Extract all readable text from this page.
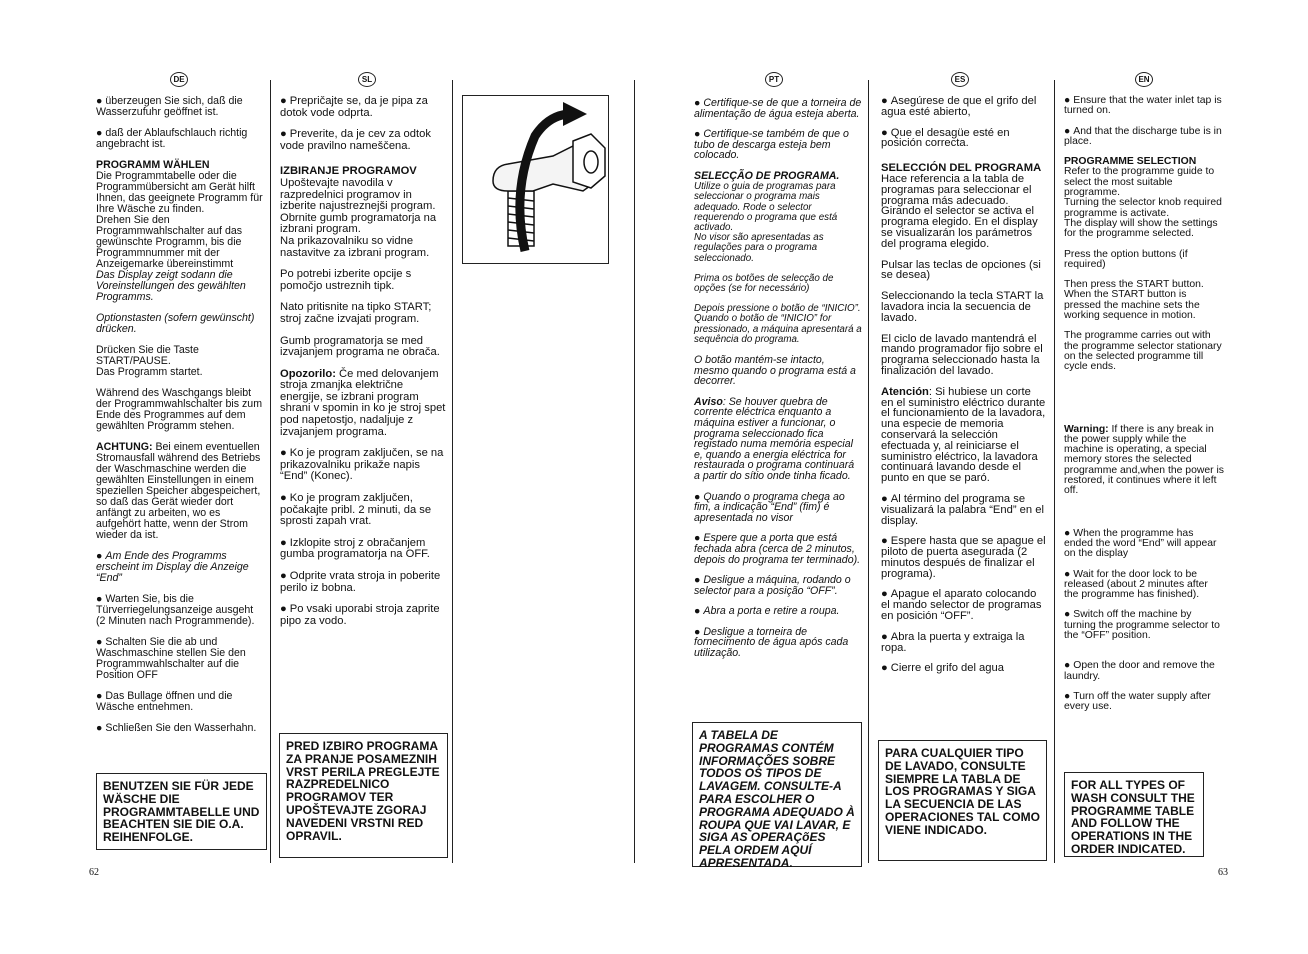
DE	SL	PT	ES	EN

● überzeugen Sie sich, daß die Wasserzufuhr geöffnet ist.

● daß der Ablaufschlauch richtig angebracht ist.

PROGRAMM WÄHLEN
Die Programmtabelle oder die Programmübersicht am Gerät hilft Ihnen, das geeignete Programm für Ihre Wäsche zu finden.
Drehen Sie den Programmwahlschalter auf das gewünschte Programm, bis die Programmnummer mit der Anzeigemarke übereinstimmt
Das Display zeigt sodann die Voreinstellungen des gewählten Programms.

Optionstasten (sofern gewünscht) drücken.

Drücken Sie die Taste START/PAUSE.
Das Programm startet.

Während des Waschgangs bleibt der Programmwahlschalter bis zum Ende des Programmes auf dem gewählten Programm stehen.

ACHTUNG: Bei einem eventuellen Stromausfall während des Betriebs der Waschmaschine werden die gewählten Einstellungen in einem speziellen Speicher abgespeichert, so daß das Gerät wieder dort anfängt zu arbeiten, wo es aufgehört hatte, wenn der Strom wieder da ist.

● Am Ende des Programms erscheint im Display die Anzeige “End”

● Warten Sie, bis die Türverriegelungsanzeige ausgeht (2 Minuten nach Programmende).

● Schalten Sie die ab und Waschmaschine stellen Sie den Programmwahlschalter auf die Position OFF

● Das Bullage öffnen und die Wäsche entnehmen.

● Schließen Sie den Wasserhahn.

BENUTZEN SIE FÜR JEDE WÄSCHE DIE PROGRAMMTABELLE UND BEACHTEN SIE DIE O.A. REIHENFOLGE.

● Prepričajte se, da je pipa za dotok vode odprta.

● Preverite, da je cev za odtok vode pravilno nameščena.

IZBIRANJE PROGRAMOV
Upoštevajte navodila v razpredelnici programov in izberite najustreznejši program. Obrnite gumb programatorja na izbrani program.
Na prikazovalniku so vidne nastavitve za izbrani program.

Po potrebi izberite opcije s pomočjo ustreznih tipk.

Nato pritisnite na tipko START; stroj začne izvajati program.

Gumb programatorja se med izvajanjem programa ne obrača.

Opozorilo: Če med delovanjem stroja zmanjka električne energije, se izbrani program shrani v spomin in ko je stroj spet pod napetostjo, nadaljuje z izvajanjem programa.

● Ko je program zaključen, se na prikazovalniku prikaže napis “End” (Konec).

● Ko je program zaključen, počakajte pribl. 2 minuti, da se sprosti zapah vrat.

● Izklopite stroj z obračanjem gumba programatorja na OFF.

● Odprite vrata stroja in poberite perilo iz bobna.

● Po vsaki uporabi stroja zaprite pipo za vodo.

PRED IZBIRO PROGRAMA ZA PRANJE POSAMEZNIH VRST PERILA PREGLEJTE RAZPREDELNICO PROGRAMOV TER UPOŠTEVAJTE ZGORAJ NAVEDENI VRSTNI RED OPRAVIL.

● Certifique-se de que a torneira de alimentação de água esteja aberta.

● Certifique-se também de que o tubo de descarga esteja bem colocado.

SELECÇÃO DE PROGRAMA.
Utilize o guia de programas para seleccionar o programa mais adequado. Rode o selector requerendo o programa que está activado.
No visor são apresentadas as regulações para o programa seleccionado.

Prima os botões de selecção de opções (se for necessário)

Depois pressione o botão de “INICIO”. Quando o botão de “INICIO” for pressionado, a máquina apresentará a sequência do programa.

O botão mantém-se intacto, mesmo quando o programa está a decorrer.

Aviso: Se houver quebra de corrente eléctrica enquanto a máquina estiver a funcionar, o programa seleccionado fica registado numa memória especial e, quando a energia eléctrica for restaurada o programa continuará a partir do sítio onde tinha ficado.

● Quando o programa chega ao fim, a indicação “End” (fim) é apresentada no visor

● Espere que a porta que está fechada abra (cerca de 2 minutos, depois do programa ter terminado).

● Desligue a máquina, rodando o selector para a posição “OFF”.

● Abra a porta e retire a roupa.

● Desligue a torneira de fornecimento de água após cada utilização.

A TABELA DE PROGRAMAS CONTÉM INFORMAÇÕES SOBRE TODOS OS TIPOS DE LAVAGEM. CONSULTE-A PARA ESCOLHER O PROGRAMA ADEQUADO À ROUPA QUE VAI LAVAR, E SIGA AS OPERAÇõES PELA ORDEM AQUÍ APRESENTADA.

● Asegúrese de que el grifo del agua esté abierto,

● Que el desagüe esté en posición correcta.

SELECCIÓN DEL PROGRAMA
Hace referencia a la tabla de programas para seleccionar el programa más adecuado.
Girando el selector se activa el programa elegido. En el display se visualizarán los parámetros del programa elegido.

Pulsar las teclas de opciones (si se desea)

Seleccionando la tecla START la lavadora incia la secuencia de lavado.

El ciclo de lavado mantendrá el mando programador fijo sobre el programa seleccionado hasta la finalización del lavado.

Atención: Si hubiese un corte en el suministro eléctrico durante el funcionamiento de la lavadora, una especie de memoria conservará la selección efectuada y, al reiniciarse el suministro eléctrico, la lavadora continuará lavando desde el punto en que se paró.

● Al término del programa se visualizará la palabra “End” en el display.

● Espere hasta que se apague el piloto de puerta asegurada (2 minutos después de finalizar el programa).

● Apague el aparato colocando el mando selector de programas en posición “OFF”.

● Abra la puerta y extraiga la ropa.

● Cierre el grifo del agua

PARA CUALQUIER TIPO DE LAVADO, CONSULTE SIEMPRE LA TABLA DE LOS PROGRAMAS Y SIGA LA SECUENCIA DE LAS OPERACIONES TAL COMO VIENE INDICADO.

● Ensure that the water inlet tap is turned on.

● And that the discharge tube is in place.

PROGRAMME SELECTION
Refer to the programme guide to select the most suitable programme.
Turning the selector knob required programme is activate.
The display will show the settings for the programme selected.

Press the option buttons (if required)

Then press the START button. When the START button is pressed the machine sets the working sequence in motion.

The programme carries out with the programme selector stationary on the selected programme till cycle ends.

Warning: If there is any break in the power supply while the machine is operating, a special memory stores the selected programme and,when the power is restored, it continues where it left off.

● When the programme has ended the word “End” will appear on the display

● Wait for the door lock to be released (about 2 minutes after the programme has finished).

● Switch off the machine by turning the programme selector to the “OFF” position.

● Open the door and remove the laundry.

● Turn off the water supply after every use.

FOR ALL TYPES OF WASH CONSULT THE PROGRAMME TABLE AND FOLLOW THE OPERATIONS IN THE ORDER INDICATED.
62	63
